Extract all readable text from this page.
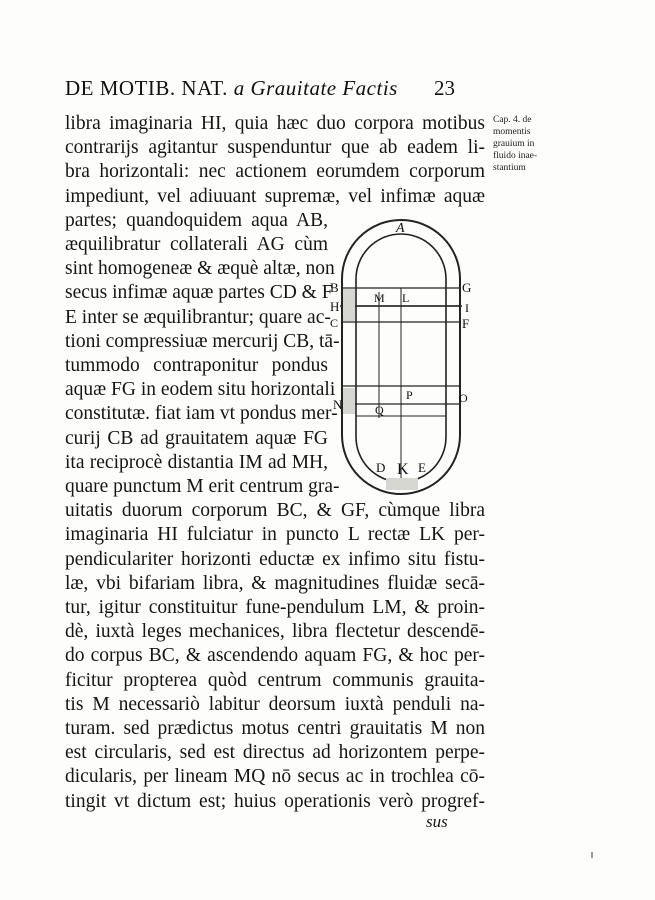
DE MOTIB. NAT. a Grauitate Factis 23
Cap. 4. de
momentis
grauium in
fluido inae-
stantium
libra imaginaria HI, quia hæc duo corpora motibus
contrarijs agitantur suspenduntur que ab eadem li-
bra horizontali: nec actionem eorumdem corporum
impediunt, vel adiuuant supremæ, vel infimæ aquæ
partes; quandoquidem aqua AB,
æquilibratur collaterali AG cùm
sint homogeneæ & æquè altæ, non
secus infimæ aquæ partes CD & F
E inter se æquilibrantur; quare ac-
tioni compressiuæ mercurij CB, tā-
tummodo contraponitur pondus
aquæ FG in eodem situ horizontali
constitutæ. fiat iam vt pondus mer-
curij CB ad grauitatem aquæ FG
ita reciprocè distantia IM ad MH,
quare punctum M erit centrum gra-
uitatis duorum corporum BC, & GF, cùmque libra
imaginaria HI fulciatur in puncto L rectæ LK per-
pendiculariter horizonti eductæ ex infimo situ fistu-
læ, vbi bifariam libra, & magnitudines fluidæ secā-
tur, igitur constituitur fune-pendulum LM, & proin-
dè, iuxtà leges mechanices, libra flectetur descendē-
do corpus BC, & ascendendo aquam FG, & hoc per-
ficitur propterea quòd centrum communis grauita-
tis M necessariò labitur deorsum iuxtà penduli na-
turam. sed prædictus motus centri grauitatis M non
est circularis, sed est directus ad horizontem perpe-
dicularis, per lineam MQ nō secus ac in trochlea cō-
tingit vt dictum est; huius operationis verò progref-
A
B
H
C
M L
G
I
F
N
P	O
Q
D K E
sus
